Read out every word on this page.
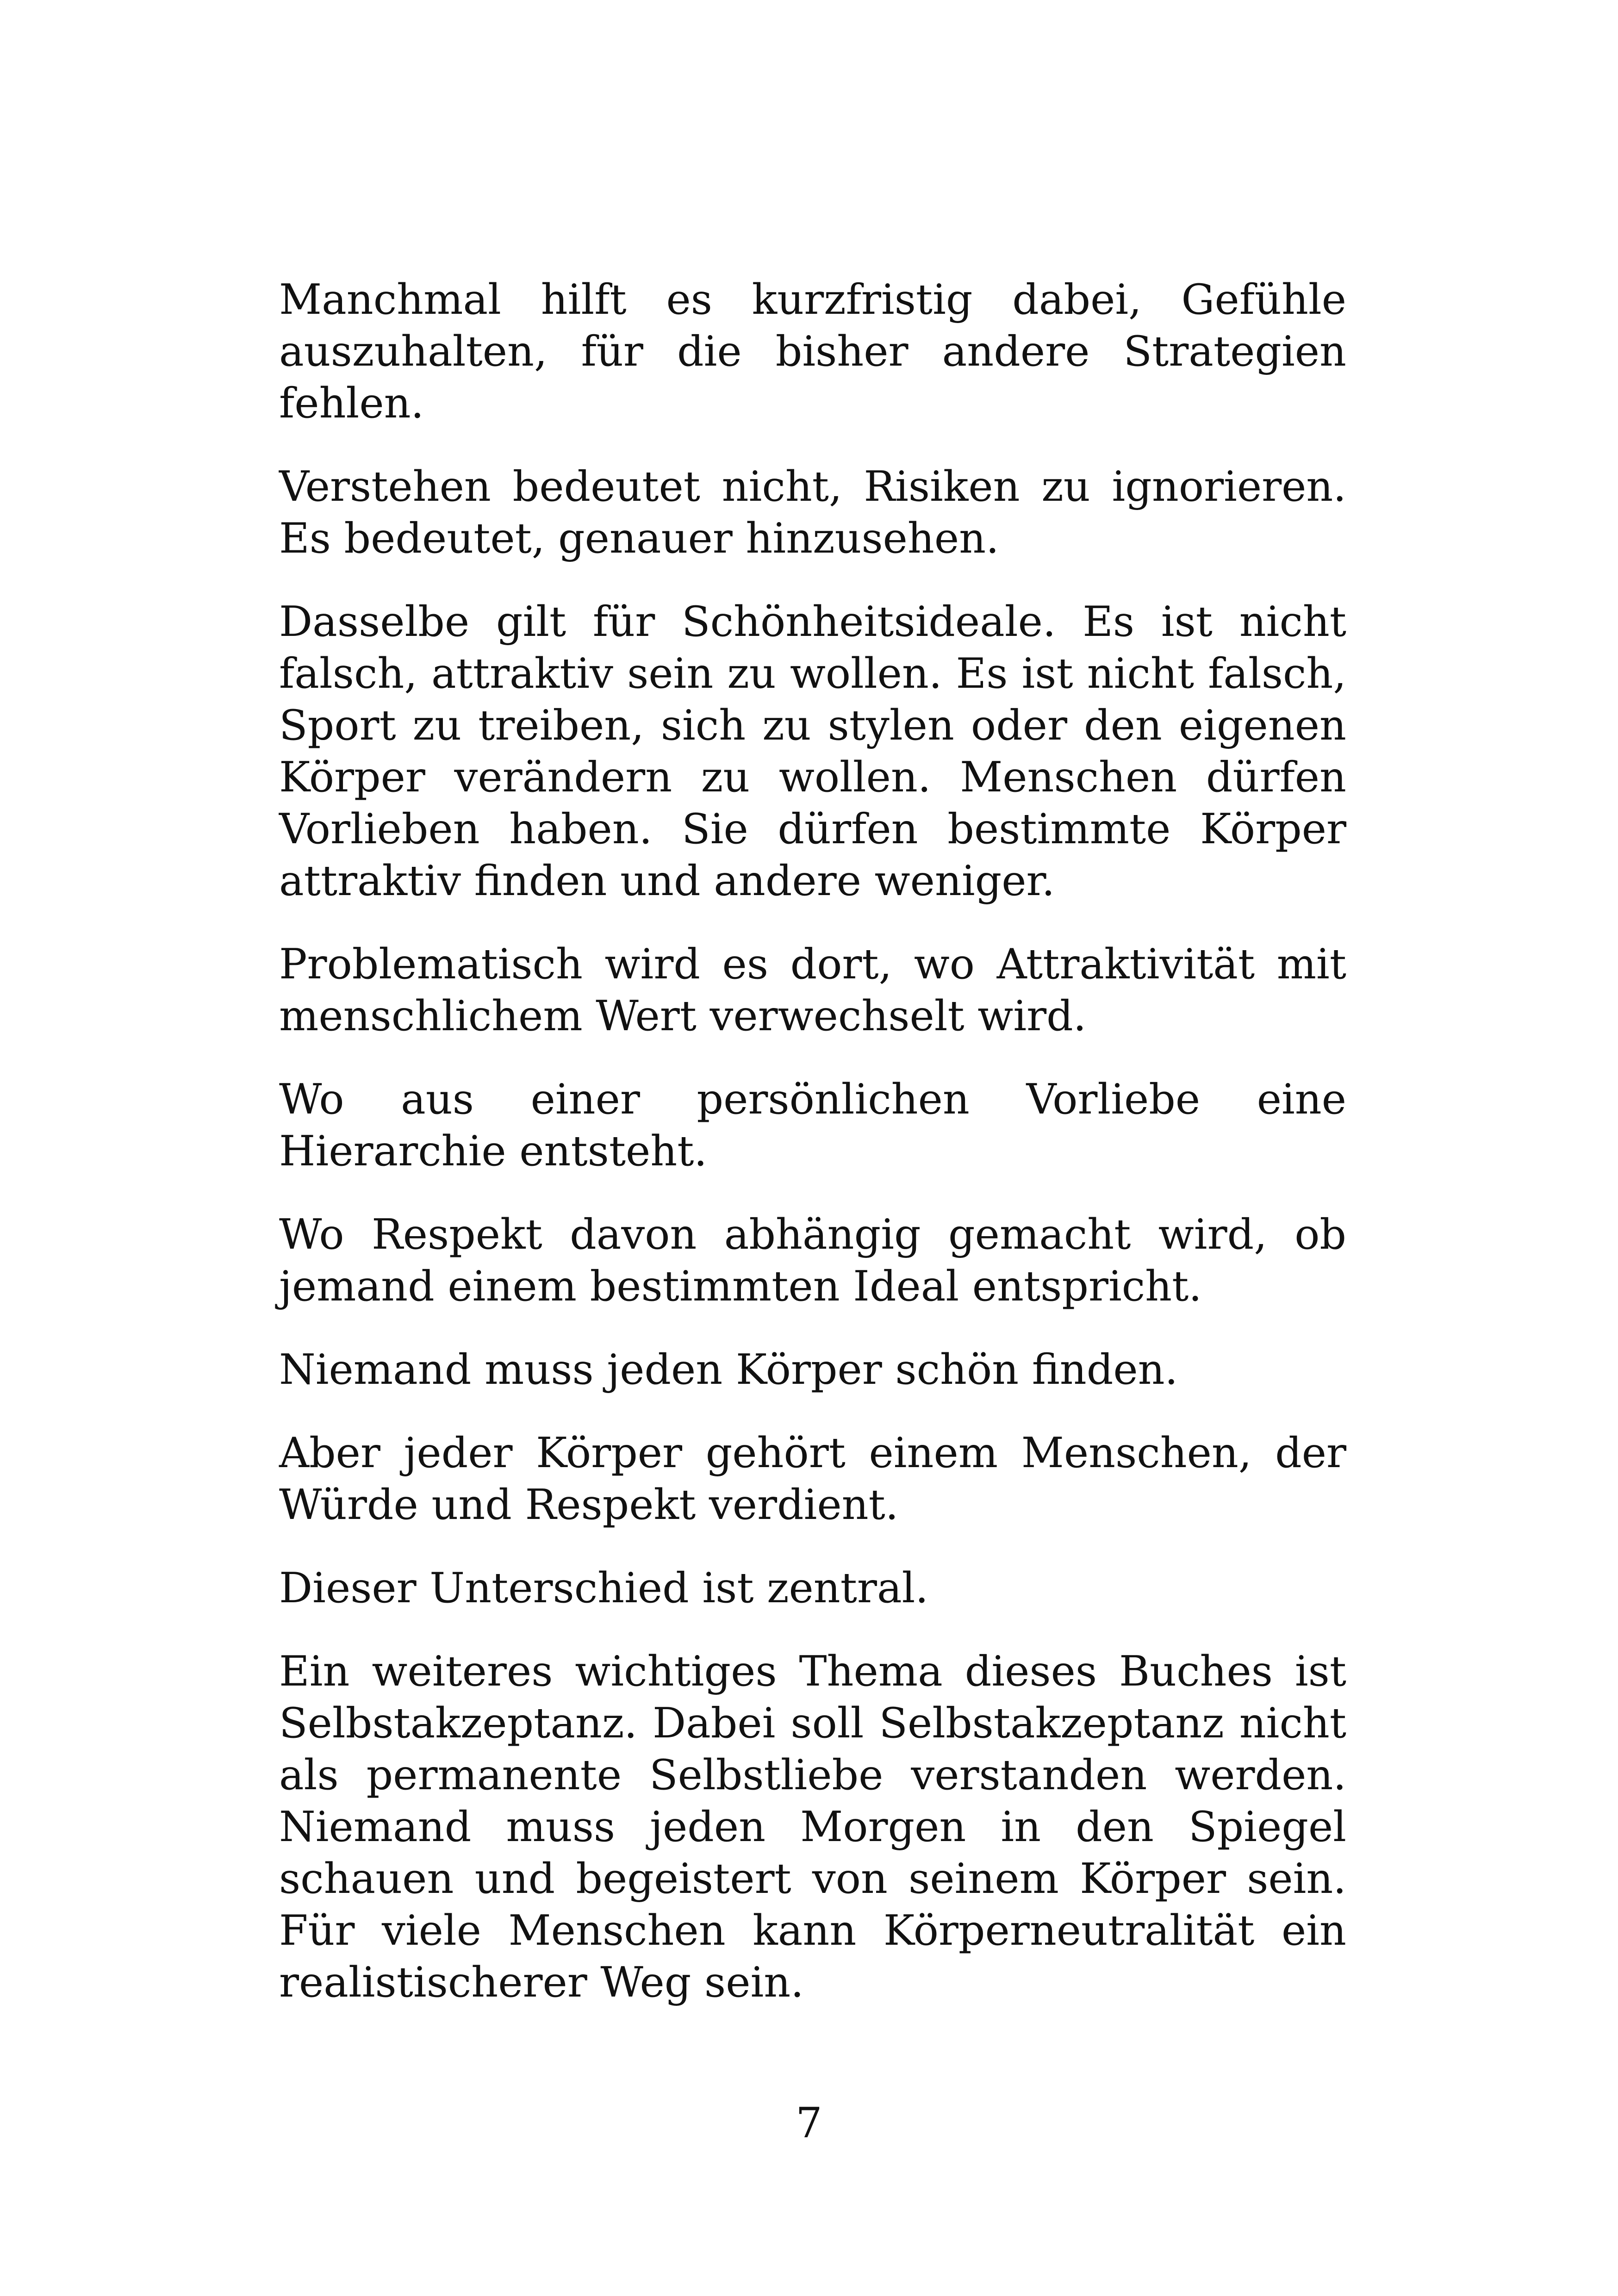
Manchmal hilft es kurzfristig dabei, Gefühle auszuhalten, für die bisher andere Strategien fehlen.

Verstehen bedeutet nicht, Risiken zu ignorieren. Es bedeutet, genauer hinzusehen.

Dasselbe gilt für Schönheitsideale. Es ist nicht falsch, attraktiv sein zu wollen. Es ist nicht falsch, Sport zu treiben, sich zu stylen oder den eigenen Körper verändern zu wollen. Menschen dürfen Vorlieben haben. Sie dürfen bestimmte Körper attraktiv finden und andere weniger.

Problematisch wird es dort, wo Attraktivität mit menschlichem Wert verwechselt wird.

Wo aus einer persönlichen Vorliebe eine Hierarchie entsteht.

Wo Respekt davon abhängig gemacht wird, ob jemand einem bestimmten Ideal entspricht.

Niemand muss jeden Körper schön finden.

Aber jeder Körper gehört einem Menschen, der Würde und Respekt verdient.

Dieser Unterschied ist zentral.

Ein weiteres wichtiges Thema dieses Buches ist Selbstakzeptanz. Dabei soll Selbstakzeptanz nicht als permanente Selbstliebe verstanden werden. Niemand muss jeden Morgen in den Spiegel schauen und begeistert von seinem Körper sein. Für viele Menschen kann Körperneutralität ein realistischerer Weg sein.

7
